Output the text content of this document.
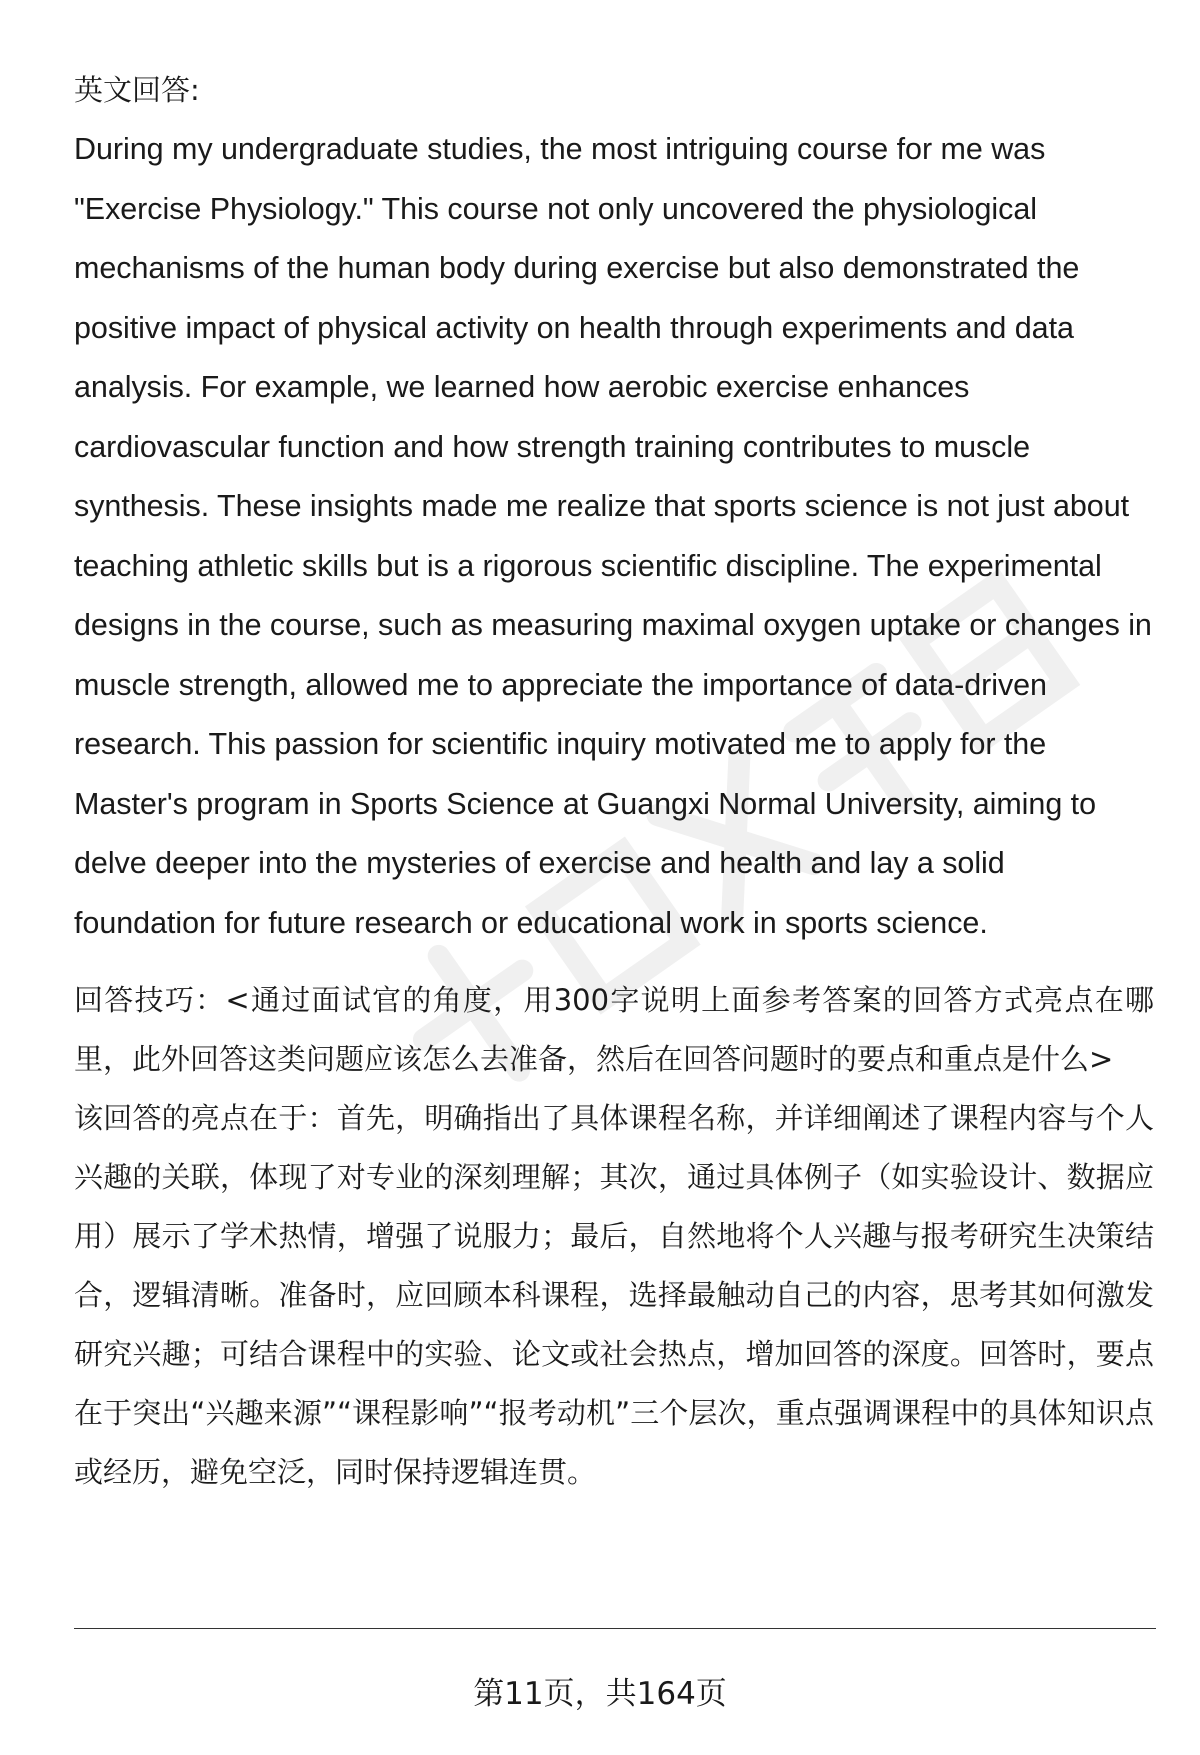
英文回答:

During my undergraduate studies, the most intriguing course for me was "Exercise Physiology." This course not only uncovered the physiological mechanisms of the human body during exercise but also demonstrated the positive impact of physical activity on health through experiments and data analysis. For example, we learned how aerobic exercise enhances cardiovascular function and how strength training contributes to muscle synthesis. These insights made me realize that sports science is not just about teaching athletic skills but is a rigorous scientific discipline. The experimental designs in the course, such as measuring maximal oxygen uptake or changes in muscle strength, allowed me to appreciate the importance of data-driven research. This passion for scientific inquiry motivated me to apply for the Master's program in Sports Science at Guangxi Normal University, aiming to delve deeper into the mysteries of exercise and health and lay a solid foundation for future research or educational work in sports science.

回答技巧：<通过面试官的角度，用300字说明上面参考答案的回答方式亮点在哪里，此外回答这类问题应该怎么去准备，然后在回答问题时的要点和重点是什么>

该回答的亮点在于：首先，明确指出了具体课程名称，并详细阐述了课程内容与个人兴趣的关联，体现了对专业的深刻理解；其次，通过具体例子（如实验设计、数据应用）展示了学术热情，增强了说服力；最后，自然地将个人兴趣与报考研究生决策结合，逻辑清晰。准备时，应回顾本科课程，选择最触动自己的内容，思考其如何激发研究兴趣；可结合课程中的实验、论文或社会热点，增加回答的深度。回答时，要点在于突出“兴趣来源”“课程影响”“报考动机”三个层次，重点强调课程中的具体知识点或经历，避免空泛，同时保持逻辑连贯。

第11页，共164页
